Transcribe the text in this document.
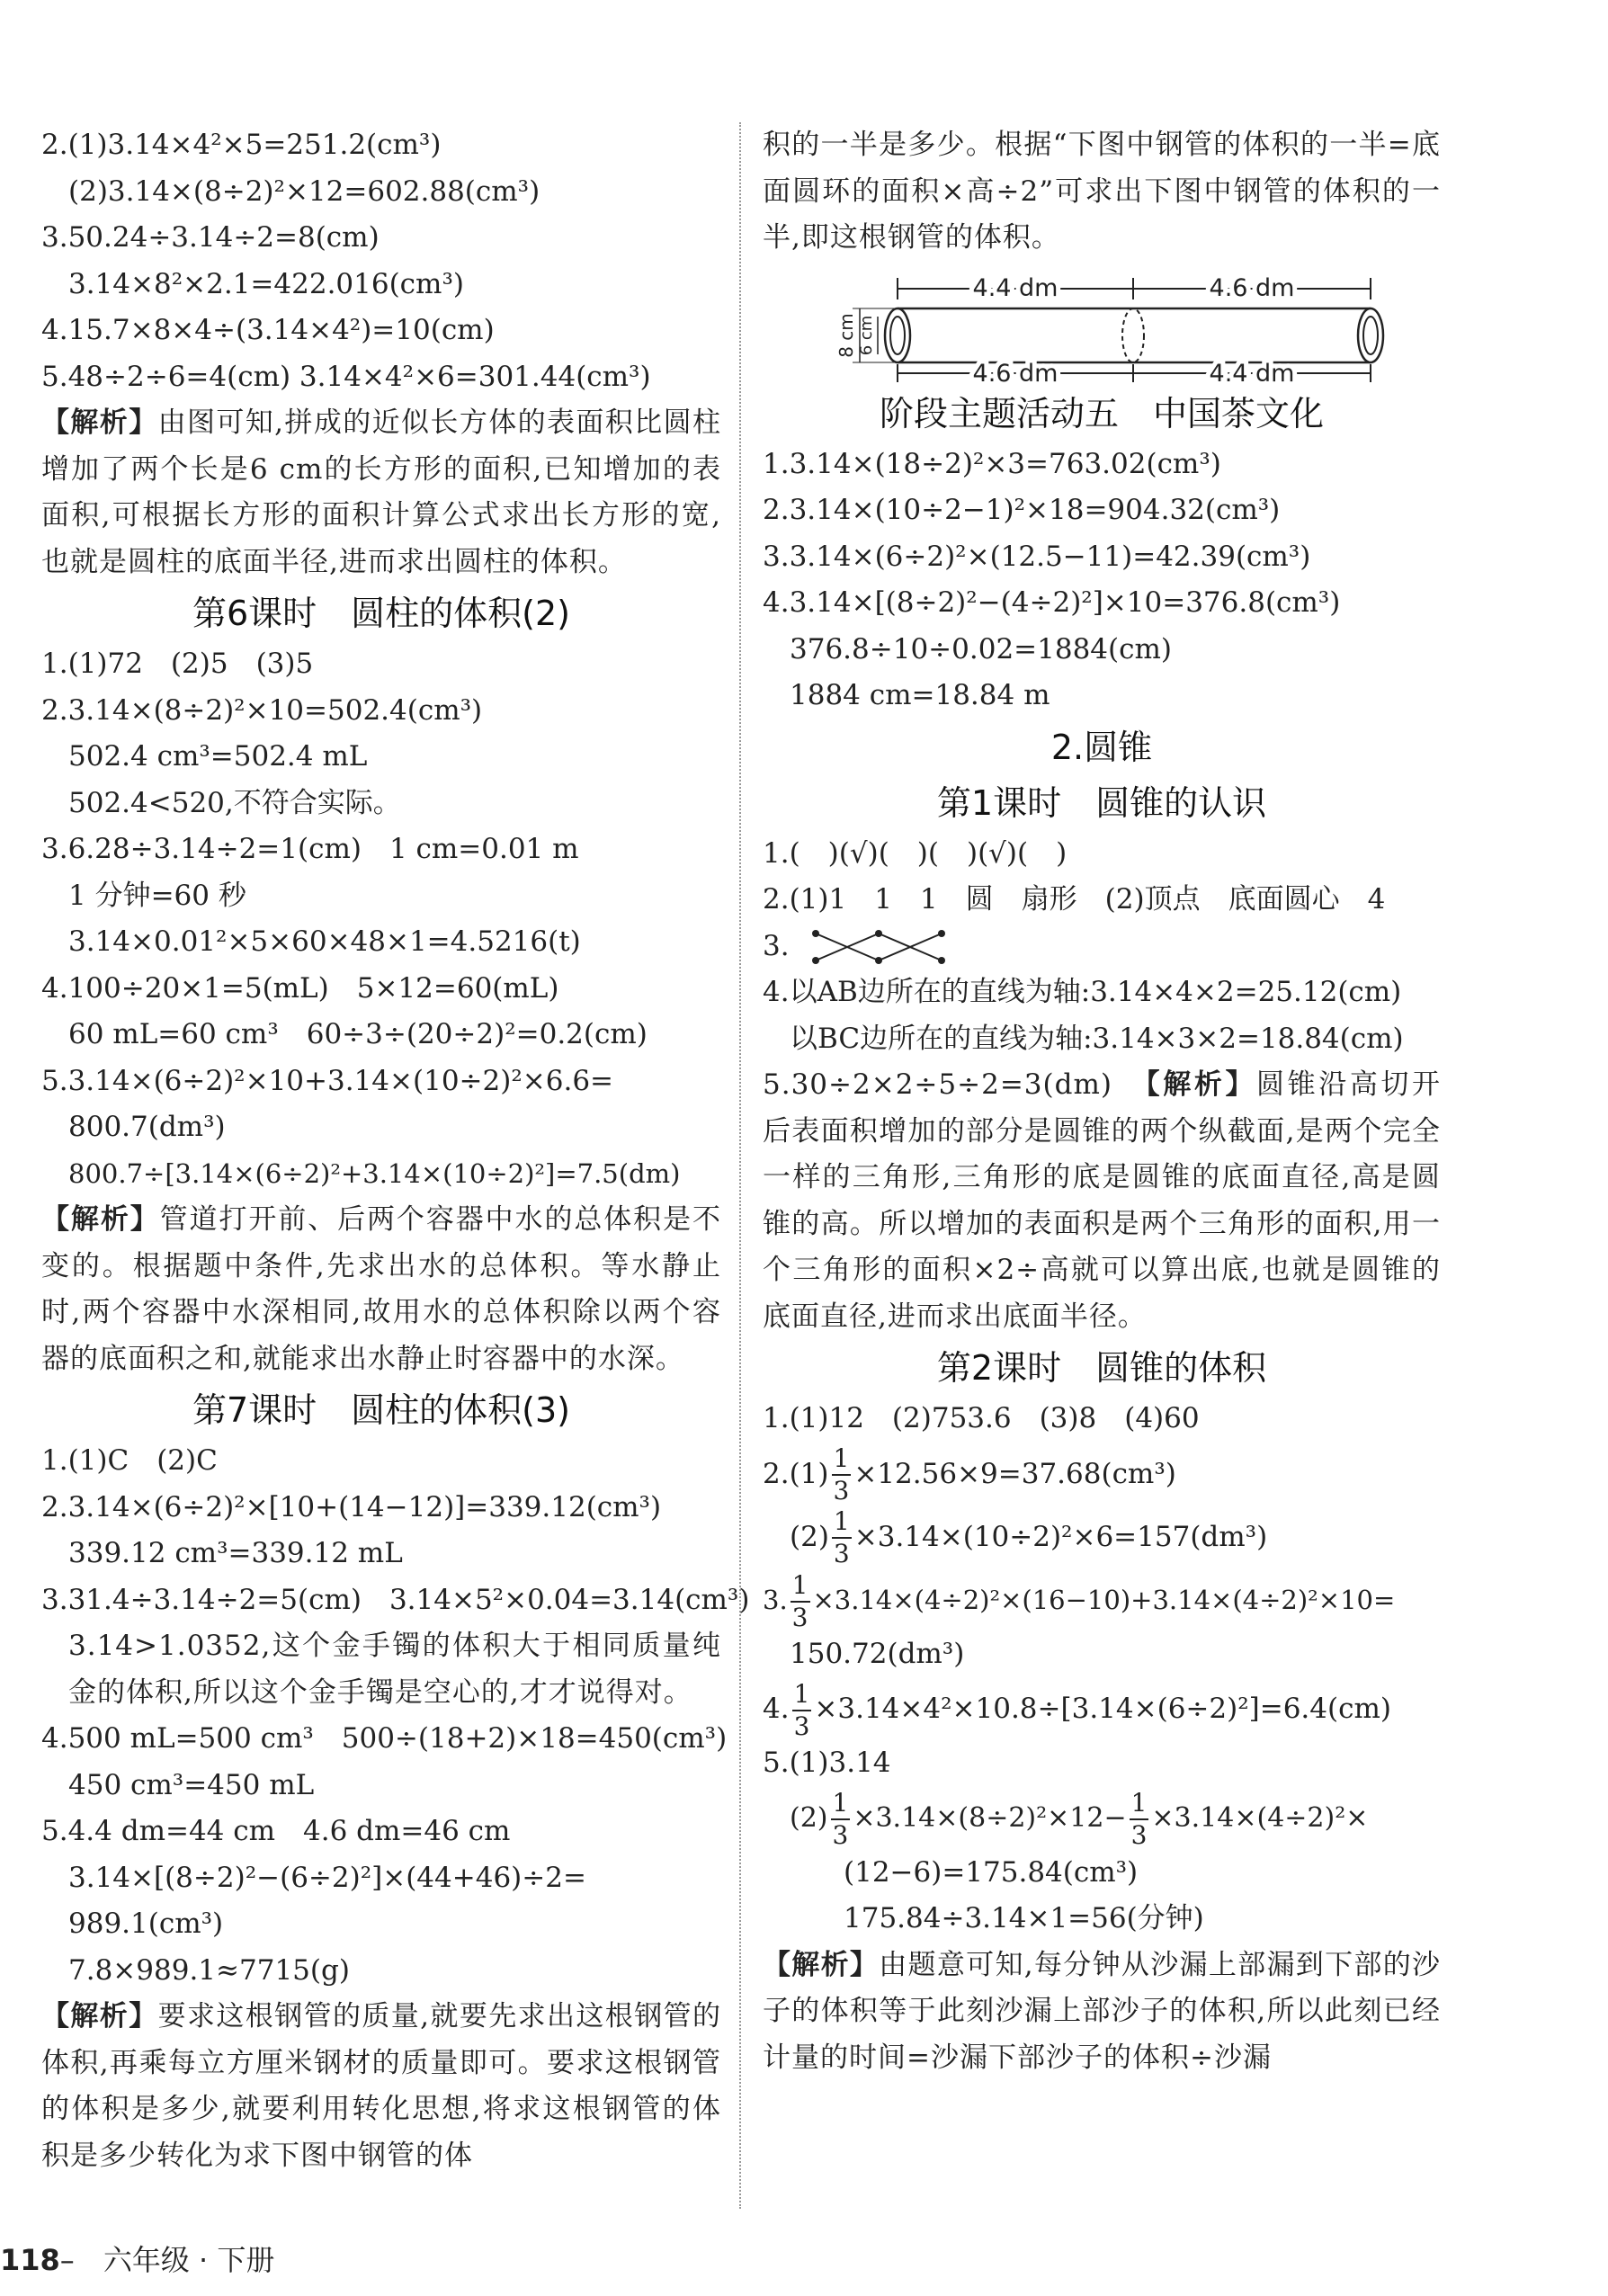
2.(1)3.14×4²×5=251.2(cm³)
(2)3.14×(8÷2)²×12=602.88(cm³)
3.50.24÷3.14÷2=8(cm)
3.14×8²×2.1=422.016(cm³)
4.15.7×8×4÷(3.14×4²)=10(cm)
5.48÷2÷6=4(cm) 3.14×4²×6=301.44(cm³)
【解析】由图可知,拼成的近似长方体的表面积比圆柱增加了两个长是6 cm的长方形的面积,已知增加的表面积,可根据长方形的面积计算公式求出长方形的宽,也就是圆柱的底面半径,进而求出圆柱的体积。
第6课时　圆柱的体积(2)
1.(1)72　(2)5　(3)5
2.3.14×(8÷2)²×10=502.4(cm³)
502.4 cm³=502.4 mL
502.4<520,不符合实际。
3.6.28÷3.14÷2=1(cm)　1 cm=0.01 m
1 分钟=60 秒
3.14×0.01²×5×60×48×1=4.5216(t)
4.100÷20×1=5(mL)　5×12=60(mL)
60 mL=60 cm³　60÷3÷(20÷2)²=0.2(cm)
5.3.14×(6÷2)²×10+3.14×(10÷2)²×6.6=
800.7(dm³)
800.7÷[3.14×(6÷2)²+3.14×(10÷2)²]=7.5(dm)
【解析】管道打开前、后两个容器中水的总体积是不变的。根据题中条件,先求出水的总体积。等水静止时,两个容器中水深相同,故用水的总体积除以两个容器的底面积之和,就能求出水静止时容器中的水深。
第7课时　圆柱的体积(3)
1.(1)C　(2)C
2.3.14×(6÷2)²×[10+(14−12)]=339.12(cm³)
339.12 cm³=339.12 mL
3.31.4÷3.14÷2=5(cm)　3.14×5²×0.04=3.14(cm³)
3.14>1.0352,这个金手镯的体积大于相同质量纯金的体积,所以这个金手镯是空心的,才才说得对。
4.500 mL=500 cm³　500÷(18+2)×18=450(cm³)
450 cm³=450 mL
5.4.4 dm=44 cm　4.6 dm=46 cm
3.14×[(8÷2)²−(6÷2)²]×(44+46)÷2=
989.1(cm³)
7.8×989.1≈7715(g)
【解析】要求这根钢管的质量,就要先求出这根钢管的体积,再乘每立方厘米钢材的质量即可。要求这根钢管的体积是多少,就要利用转化思想,将求这根钢管的体积是多少转化为求下图中钢管的体
积的一半是多少。根据“下图中钢管的体积的一半=底面圆环的面积×高÷2”可求出下图中钢管的体积的一半,即这根钢管的体积。
4.4 dm	4.6 dm
8 cm 6 cm
4.6 dm	4.4 dm
阶段主题活动五　中国茶文化
1.3.14×(18÷2)²×3=763.02(cm³)
2.3.14×(10÷2−1)²×18=904.32(cm³)
3.3.14×(6÷2)²×(12.5−11)=42.39(cm³)
4.3.14×[(8÷2)²−(4÷2)²]×10=376.8(cm³)
376.8÷10÷0.02=1884(cm)
1884 cm=18.84 m
2.圆锥
第1课时　圆锥的认识
1.(　)(√)(　)(　)(√)(　)
2.(1)1　1　1　圆　扇形　(2)顶点　底面圆心　4
3.
4.以AB边所在的直线为轴:3.14×4×2=25.12(cm)
以BC边所在的直线为轴:3.14×3×2=18.84(cm)
5.30÷2×2÷5÷2=3(dm)　 【解析】圆锥沿高切开后表面积增加的部分是圆锥的两个纵截面,是两个完全一样的三角形,三角形的底是圆锥的底面直径,高是圆锥的高。所以增加的表面积是两个三角形的面积,用一个三角形的面积×2÷高就可以算出底,也就是圆锥的底面直径,进而求出底面半径。
第2课时　圆锥的体积
1.(1)12　(2)753.6　(3)8　(4)60
$2.(1) \frac{1}{3} \times 12.56\times 9=37.68(cm^3)$
$(2) \frac{1}{3} \times 3.14\times(10\div 2)^2\times 6=157(dm^3)$
3. $\frac{1}{3} \times 3.14\times(4\div 2)^2\times(16-10)+3.14\times(4\div 2)^2\times 10=$
150.72(dm³)
4. $\frac{1}{3} \times 3.14\times 4^2\times 10.8\div[3.14\times(6\div 2)^2]=6.4(cm)$
5.(1)3.14
$(2) \frac{1}{3} \times 3.14\times(8\div 2)^2\times 12- \frac{1}{3} \times 3.14\times(4\div 2)^2\times$
(12−6)=175.84(cm³)
175.84÷3.14×1=56(分钟)
【解析】由题意可知,每分钟从沙漏上部漏到下部的沙子的体积等于此刻沙漏上部沙子的体积,所以此刻已经计量的时间=沙漏下部沙子的体积÷沙漏
118–　六年级 · 下册
